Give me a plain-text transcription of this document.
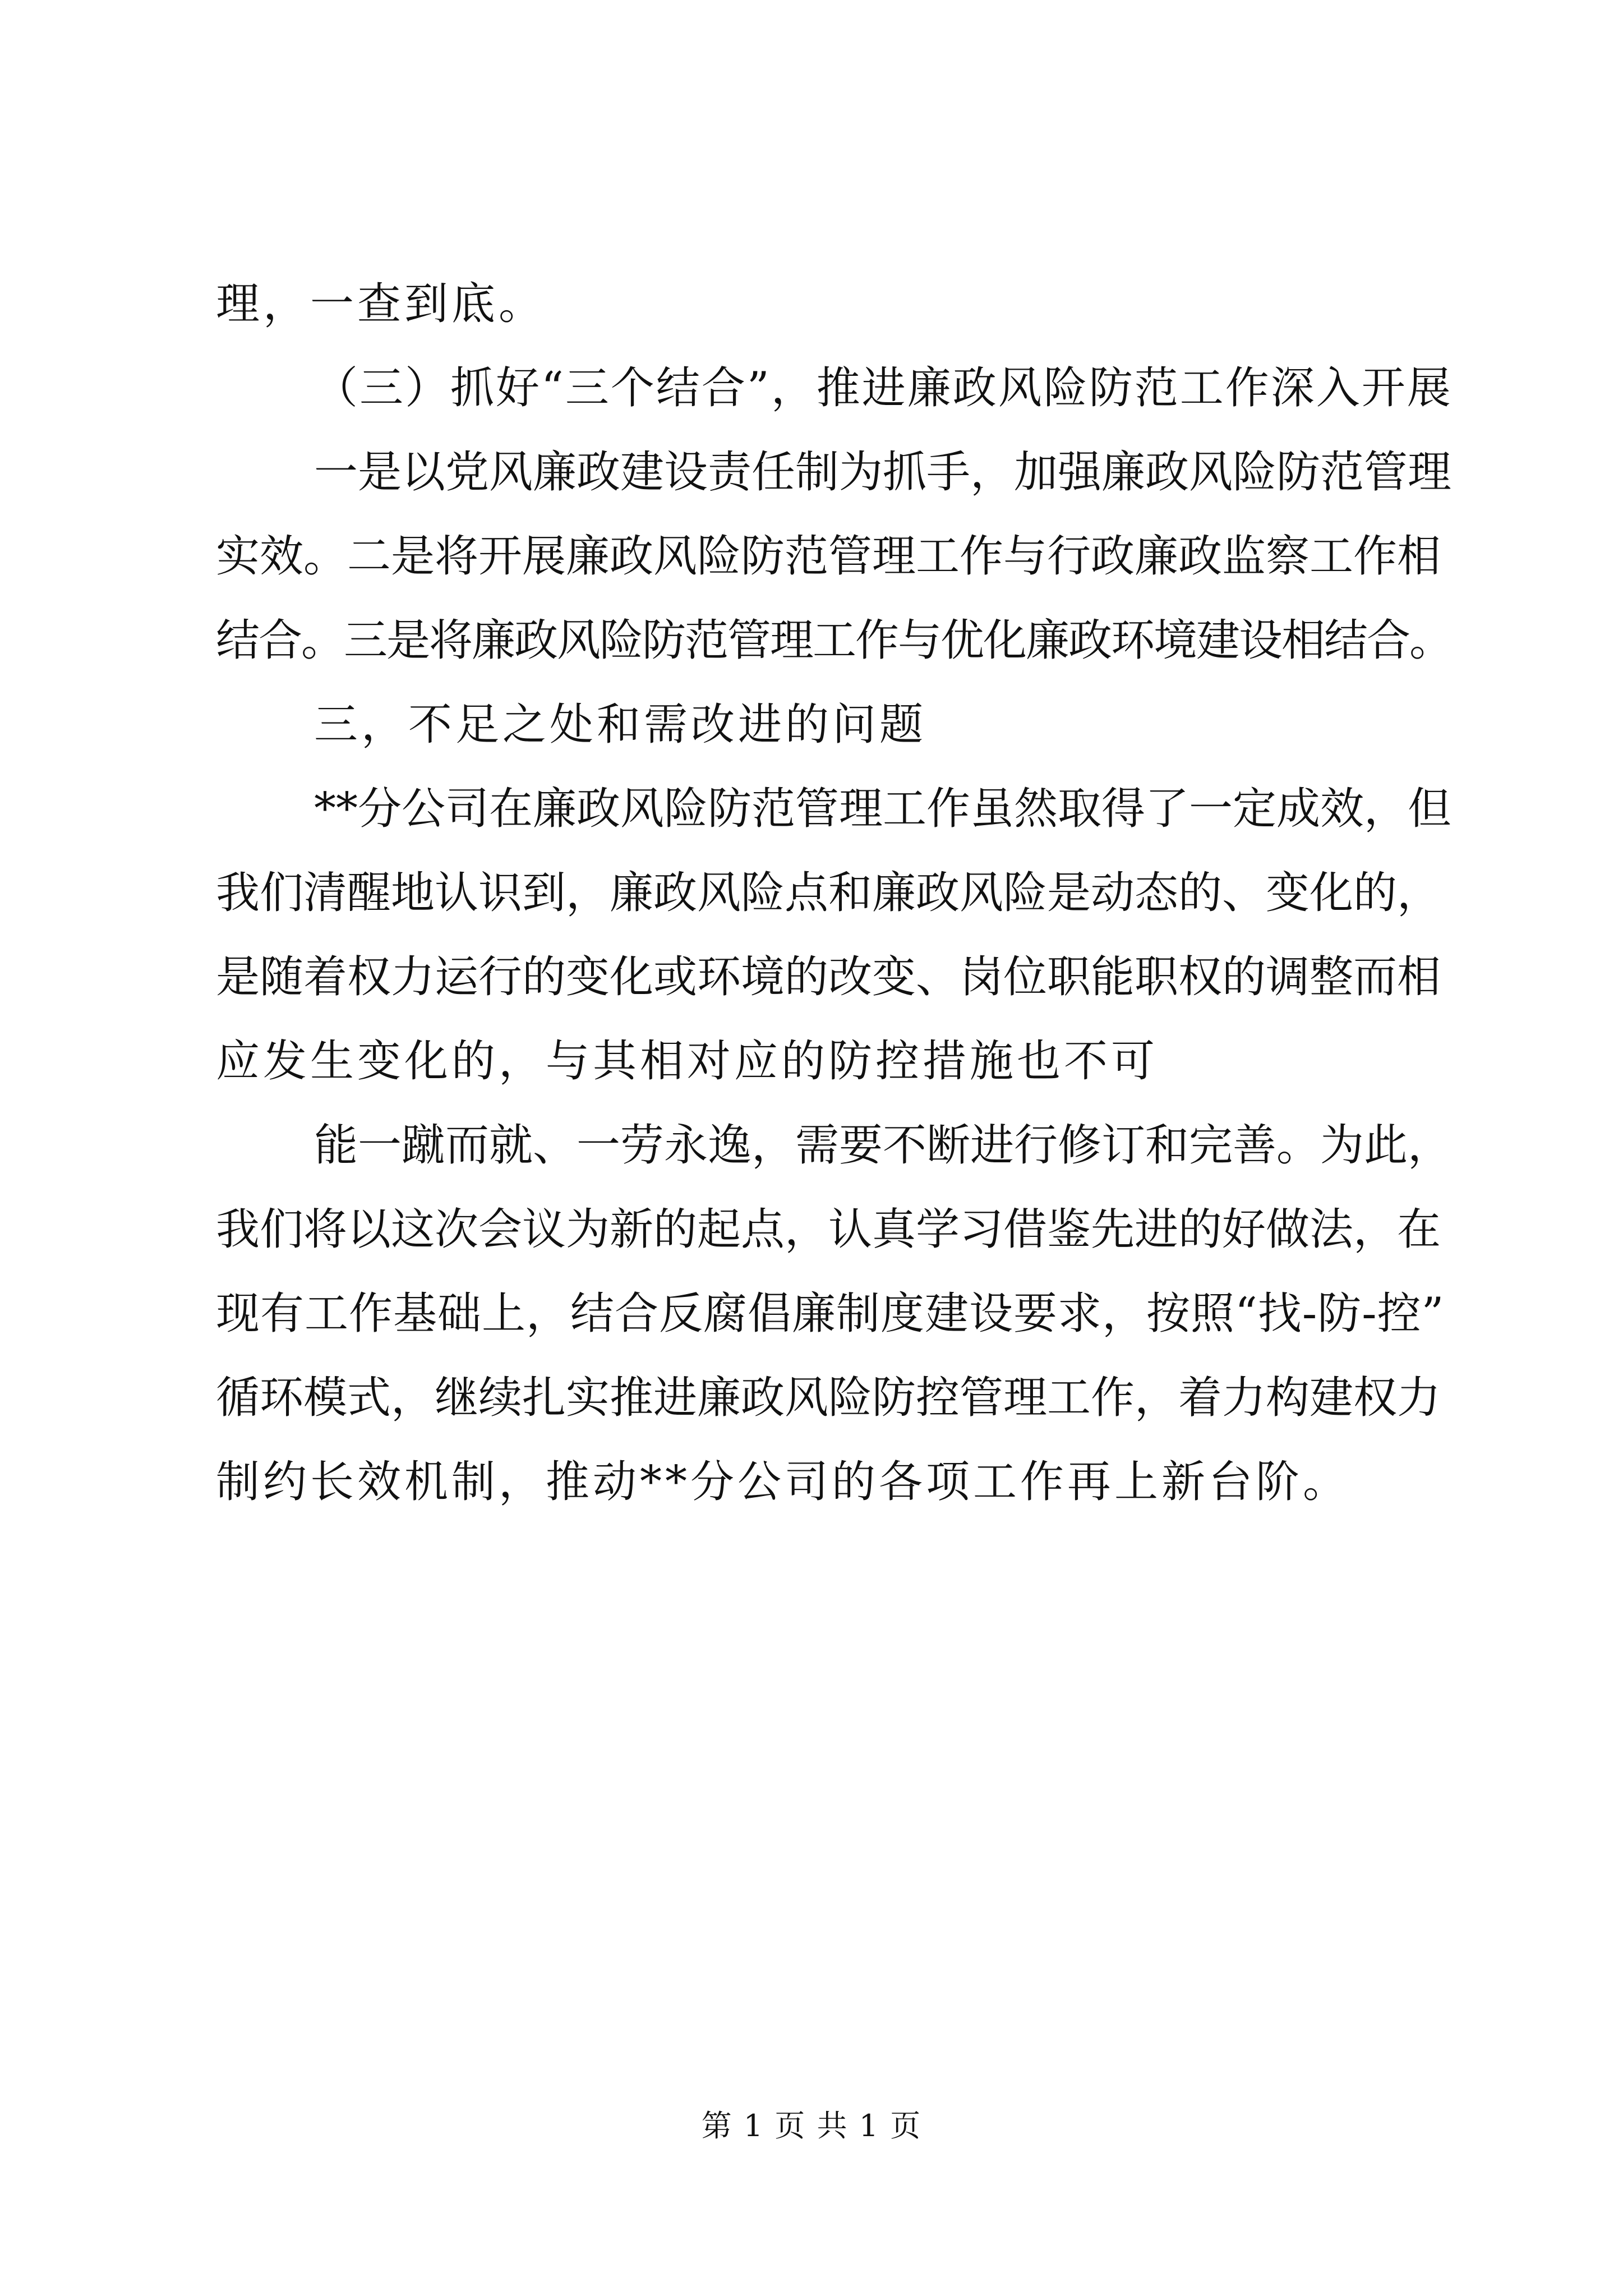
理，一查到底。
（三）抓好“三个结合”，推进廉政风险防范工作深入开展
一是以党风廉政建设责任制为抓手，加强廉政风险防范管理
实效。二是将开展廉政风险防范管理工作与行政廉政监察工作相
结合。三是将廉政风险防范管理工作与优化廉政环境建设相结合。
三，不足之处和需改进的问题
**分公司在廉政风险防范管理工作虽然取得了一定成效，但
我们清醒地认识到，廉政风险点和廉政风险是动态的、变化的，
是随着权力运行的变化或环境的改变、岗位职能职权的调整而相
应发生变化的，与其相对应的防控措施也不可
能一蹴而就、一劳永逸，需要不断进行修订和完善。为此，
我们将以这次会议为新的起点，认真学习借鉴先进的好做法，在
现有工作基础上，结合反腐倡廉制度建设要求，按照“找-防-控”
循环模式，继续扎实推进廉政风险防控管理工作，着力构建权力
制约长效机制，推动**分公司的各项工作再上新台阶。
第 1 页 共 1 页
